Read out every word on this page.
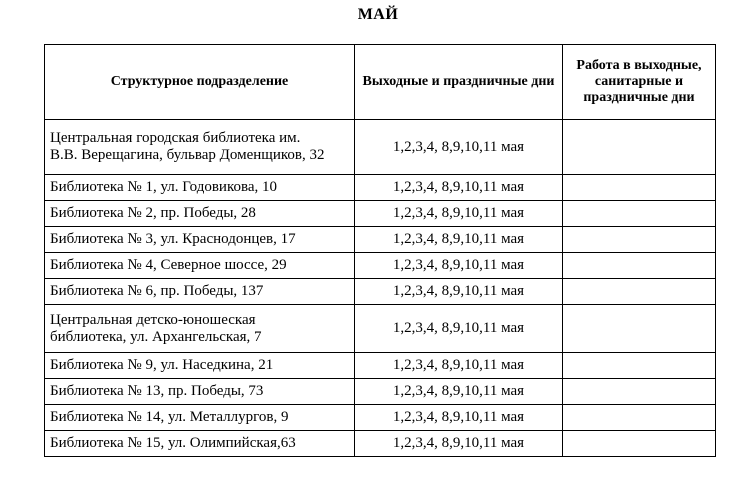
МАЙ
Структурное подразделение	Выходные и праздничные дни	Работа в выходные, санитарные и праздничные дни
Центральная городская библиотека им.
В.В. Верещагина, бульвар Доменщиков, 32	1,2,3,4, 8,9,10,11 мая	
Библиотека № 1, ул. Годовикова, 10	1,2,3,4, 8,9,10,11 мая	
Библиотека № 2, пр. Победы, 28	1,2,3,4, 8,9,10,11 мая	
Библиотека № 3, ул. Краснодонцев, 17	1,2,3,4, 8,9,10,11 мая	
Библиотека № 4, Северное шоссе, 29	1,2,3,4, 8,9,10,11 мая	
Библиотека № 6, пр. Победы, 137	1,2,3,4, 8,9,10,11 мая	
Центральная детско-юношеская
библиотека, ул. Архангельская, 7	1,2,3,4, 8,9,10,11 мая	
Библиотека № 9, ул. Наседкина, 21	1,2,3,4, 8,9,10,11 мая	
Библиотека № 13, пр. Победы, 73	1,2,3,4, 8,9,10,11 мая	
Библиотека № 14, ул. Металлургов, 9	1,2,3,4, 8,9,10,11 мая	
Библиотека № 15, ул. Олимпийская,63	1,2,3,4, 8,9,10,11 мая	
